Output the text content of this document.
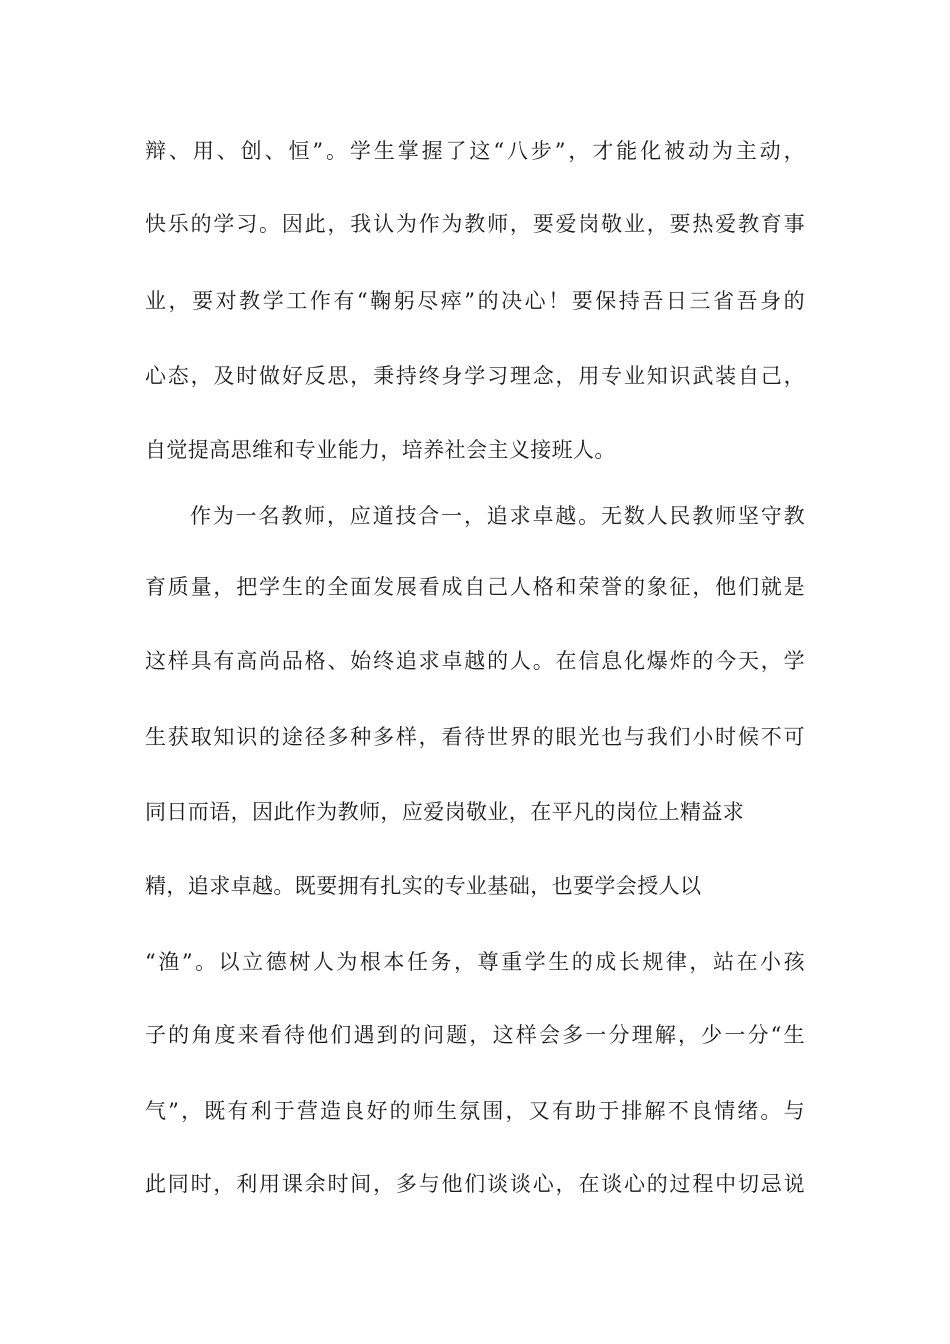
辩、用、创、恒”。学生掌握了这“八步”，才能化被动为主动，
快乐的学习。因此，我认为作为教师，要爱岗敬业，要热爱教育事
业，要对教学工作有“鞠躬尽瘁”的决心！要保持吾日三省吾身的
心态，及时做好反思，秉持终身学习理念，用专业知识武装自己，
自觉提高思维和专业能力，培养社会主义接班人。
作为一名教师，应道技合一，追求卓越。无数人民教师坚守教
育质量，把学生的全面发展看成自己人格和荣誉的象征，他们就是
这样具有高尚品格、始终追求卓越的人。在信息化爆炸的今天，学
生获取知识的途径多种多样，看待世界的眼光也与我们小时候不可
同日而语，因此作为教师，应爱岗敬业，在平凡的岗位上精益求
精，追求卓越。既要拥有扎实的专业基础，也要学会授人以
“渔”。以立德树人为根本任务，尊重学生的成长规律，站在小孩
子的角度来看待他们遇到的问题，这样会多一分理解，少一分“生
气”，既有利于营造良好的师生氛围，又有助于排解不良情绪。与
此同时，利用课余时间，多与他们谈谈心，在谈心的过程中切忌说
